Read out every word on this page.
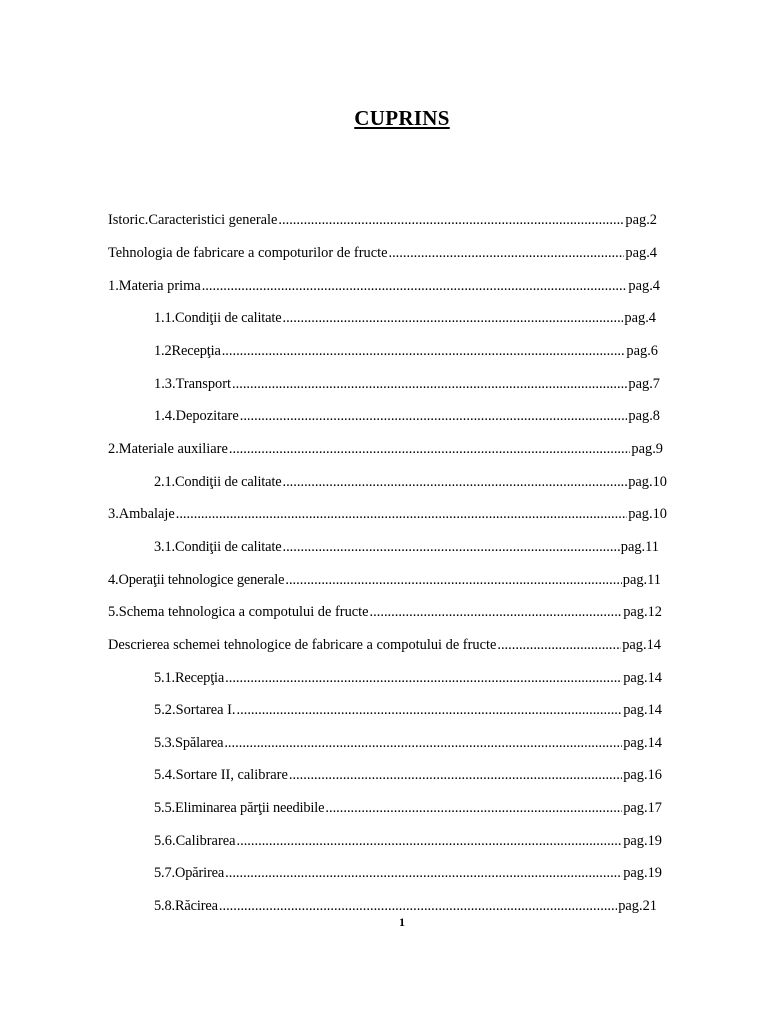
CUPRINS
Istoric.Caracteristici generale .....	pag.2
Tehnologia de fabricare a compoturilor de fructe .....	pag.4
1.Materia prima .....	pag.4
1.1.Condiţii de calitate .....	pag.4
1.2Recepţia .....	pag.6
1.3.Transport .....	pag.7
1.4.Depozitare .....	pag.8
2.Materiale auxiliare .....	pag.9
2.1.Condiţii de calitate .....	pag.10
3.Ambalaje .....	pag.10
3.1.Condiţii de calitate .....	pag.11
4.Operaţii tehnologice generale .....	pag.11
5.Schema tehnologica a compotului de fructe .....	pag.12
Descrierea schemei tehnologice de fabricare a compotului de fructe .....	pag.14
5.1.Recepţia .....	pag.14
5.2.Sortarea I. .....	pag.14
5.3.Spălarea .....	pag.14
5.4.Sortare II, calibrare .....	pag.16
5.5.Eliminarea părţii needibile .....	pag.17
5.6.Calibrarea .....	pag.19
5.7.Opărirea .....	pag.19
5.8.Răcirea .....	pag.21
1
